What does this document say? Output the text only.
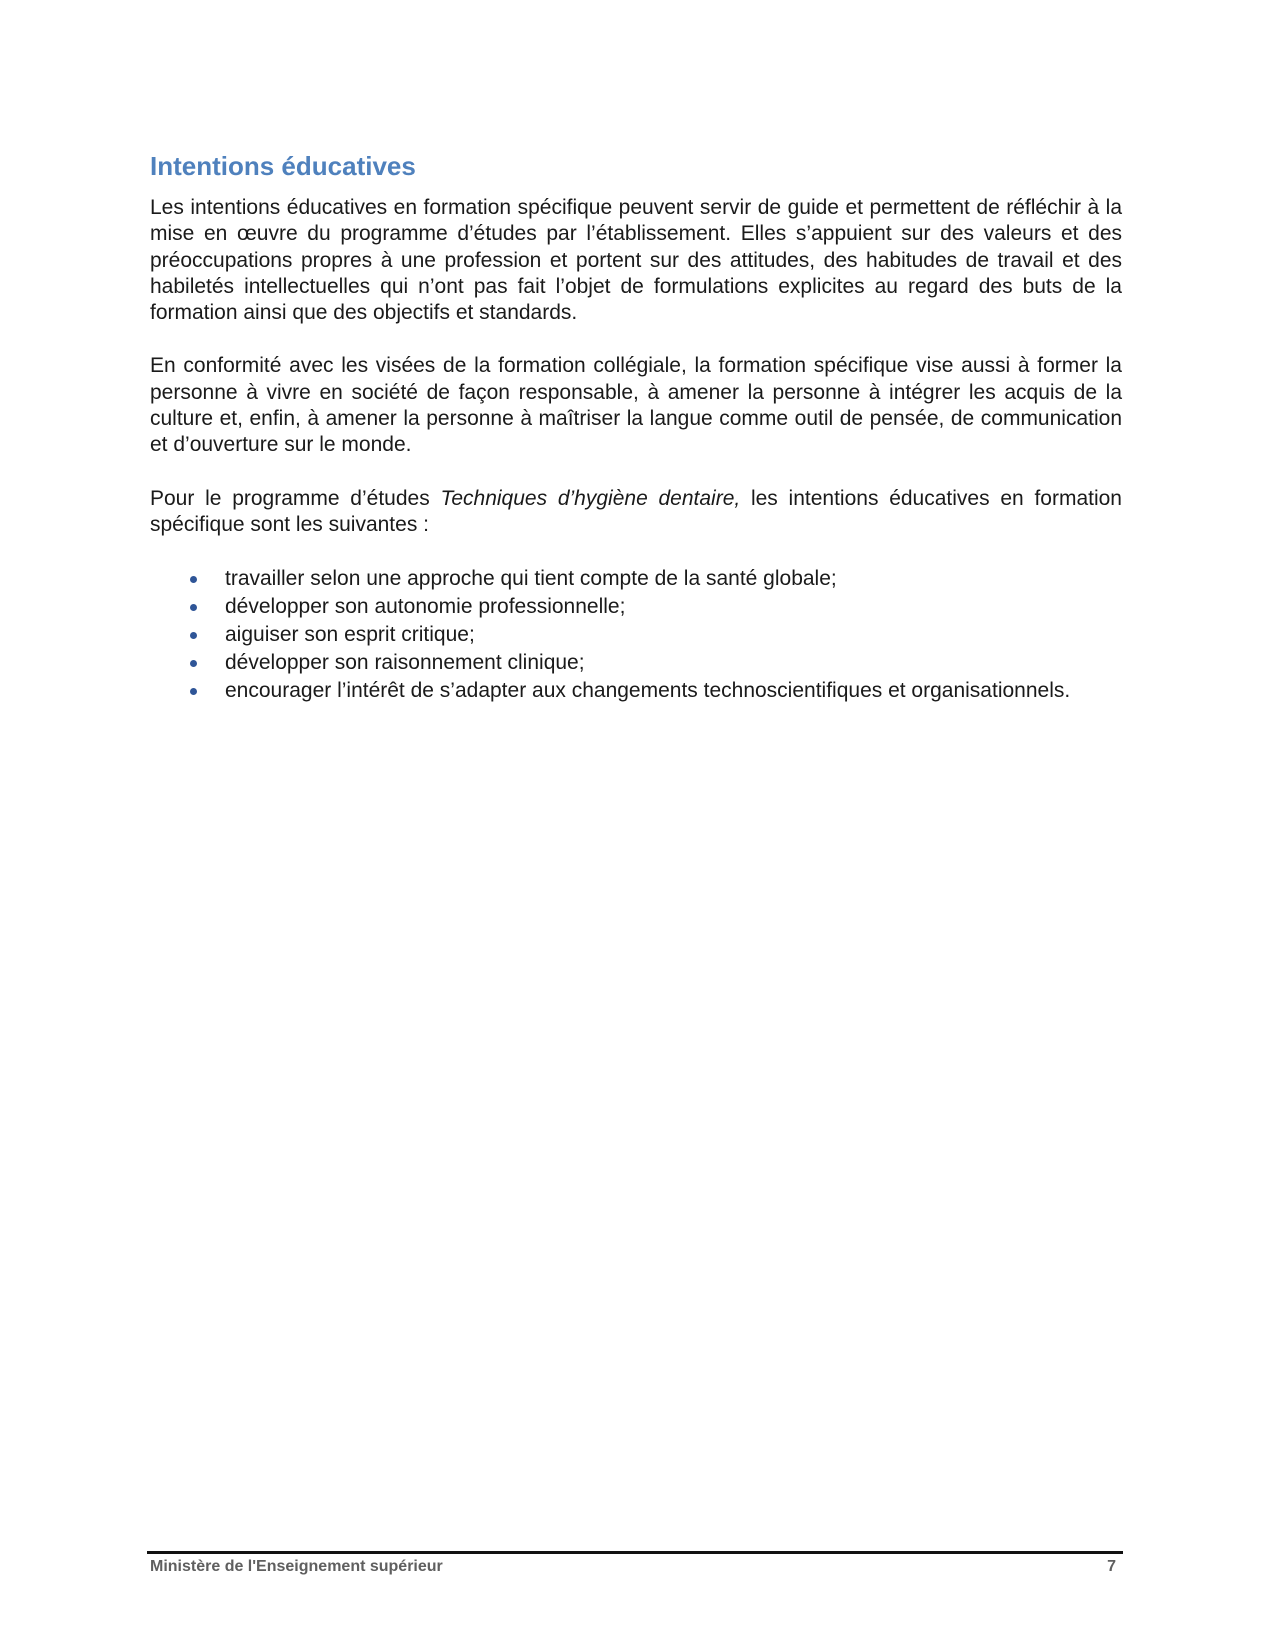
Intentions éducatives

Les intentions éducatives en formation spécifique peuvent servir de guide et permettent de réfléchir à la mise en œuvre du programme d’études par l’établissement. Elles s’appuient sur des valeurs et des préoccupations propres à une profession et portent sur des attitudes, des habitudes de travail et des habiletés intellectuelles qui n’ont pas fait l’objet de formulations explicites au regard des buts de la formation ainsi que des objectifs et standards.

En conformité avec les visées de la formation collégiale, la formation spécifique vise aussi à former la personne à vivre en société de façon responsable, à amener la personne à intégrer les acquis de la culture et, enfin, à amener la personne à maîtriser la langue comme outil de pensée, de communication et d’ouverture sur le monde.

Pour le programme d’études Techniques d’hygiène dentaire, les intentions éducatives en formation spécifique sont les suivantes :

travailler selon une approche qui tient compte de la santé globale;
développer son autonomie professionnelle;
aiguiser son esprit critique;
développer son raisonnement clinique;
encourager l’intérêt de s’adapter aux changements technoscientifiques et organisationnels.
Ministère de l'Enseignement supérieur	7
